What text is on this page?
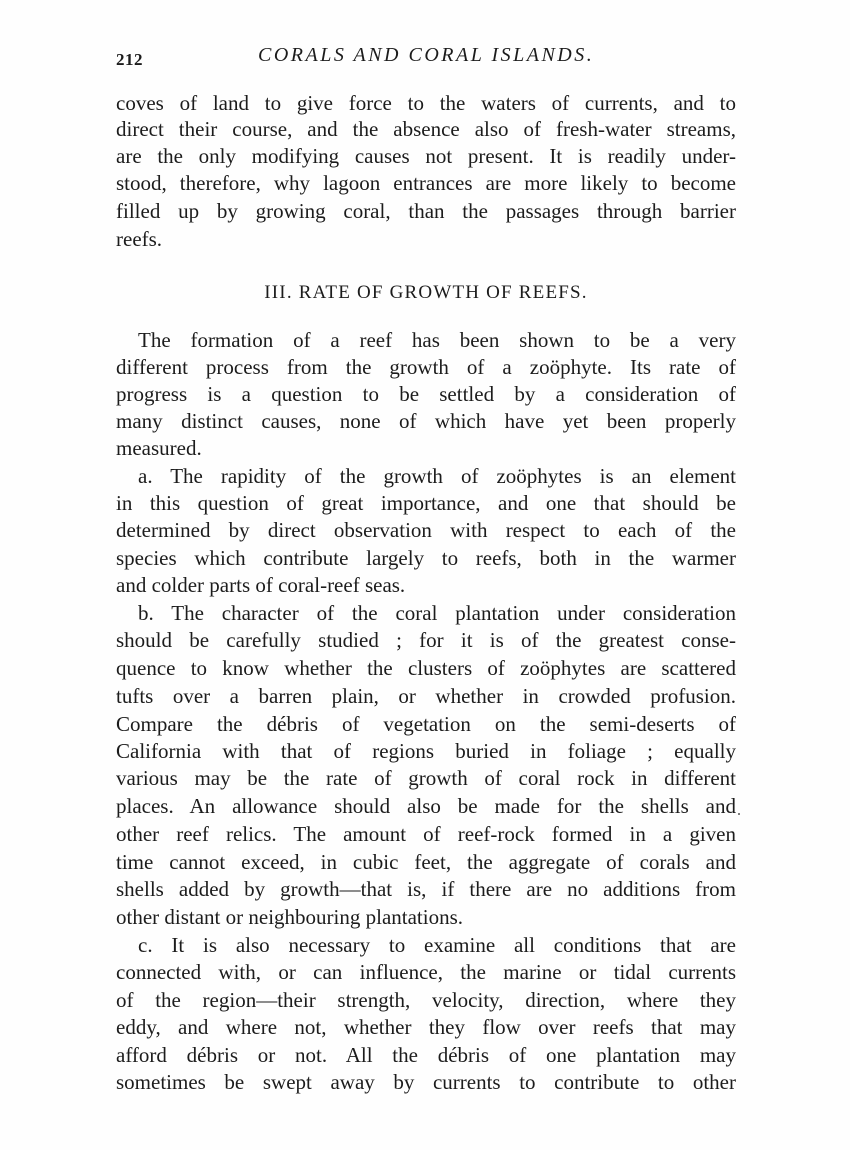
212	CORALS AND CORAL ISLANDS.
coves of land to give force to the waters of currents, and to
direct their course, and the absence also of fresh-water streams,
are the only modifying causes not present. It is readily under-
stood, therefore, why lagoon entrances are more likely to become
filled up by growing coral, than the passages through barrier
reefs.
III. RATE OF GROWTH OF REEFS.
The formation of a reef has been shown to be a very
different process from the growth of a zoöphyte. Its rate of
progress is a question to be settled by a consideration of
many distinct causes, none of which have yet been properly
measured.
a. The rapidity of the growth of zoöphytes is an element
in this question of great importance, and one that should be
determined by direct observation with respect to each of the
species which contribute largely to reefs, both in the warmer
and colder parts of coral-reef seas.
b. The character of the coral plantation under consideration
should be carefully studied ; for it is of the greatest conse-
quence to know whether the clusters of zoöphytes are scattered
tufts over a barren plain, or whether in crowded profusion.
Compare the débris of vegetation on the semi-deserts of
California with that of regions buried in foliage ; equally
various may be the rate of growth of coral rock in different
places. An allowance should also be made for the shells and
other reef relics. The amount of reef-rock formed in a given
time cannot exceed, in cubic feet, the aggregate of corals and
shells added by growth—that is, if there are no additions from
other distant or neighbouring plantations.
c. It is also necessary to examine all conditions that are
connected with, or can influence, the marine or tidal currents
of the region—their strength, velocity, direction, where they
eddy, and where not, whether they flow over reefs that may
afford débris or not. All the débris of one plantation may
sometimes be swept away by currents to contribute to other
